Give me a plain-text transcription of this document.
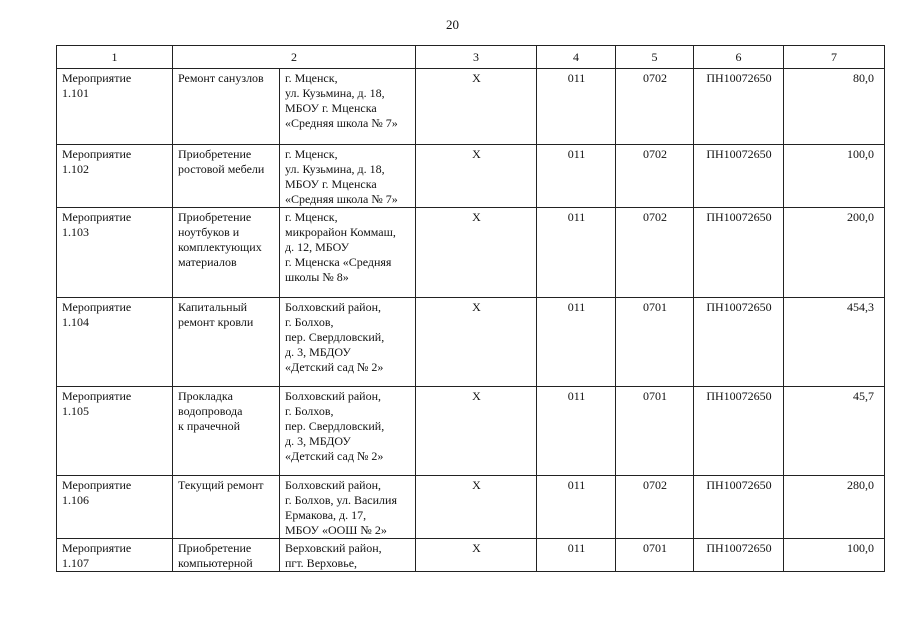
20
1	2		3	4	5	6	7
Мероприятие
1.101	Ремонт санузлов	г. Мценск,
ул. Кузьмина, д. 18,
МБОУ г. Мценска
«Средняя школа № 7»	X	011	0702	ПН10072650	80,0
Мероприятие
1.102	Приобретение
ростовой мебели	г. Мценск,
ул. Кузьмина, д. 18,
МБОУ г. Мценска
«Средняя школа № 7»	X	011	0702	ПН10072650	100,0
Мероприятие
1.103	Приобретение
ноутбуков и
комплектующих
материалов	г. Мценск,
микрорайон Коммаш,
д. 12, МБОУ
г. Мценска «Средняя
школы № 8»	X	011	0702	ПН10072650	200,0
Мероприятие
1.104	Капитальный
ремонт кровли	Болховский район,
г. Болхов,
пер. Свердловский,
д. 3, МБДОУ
«Детский сад № 2»	X	011	0701	ПН10072650	454,3
Мероприятие
1.105	Прокладка
водопровода
к прачечной	Болховский район,
г. Болхов,
пер. Свердловский,
д. 3, МБДОУ
«Детский сад № 2»	X	011	0701	ПН10072650	45,7
Мероприятие
1.106	Текущий ремонт	Болховский район,
г. Болхов, ул. Василия
Ермакова, д. 17,
МБОУ «ООШ № 2»	X	011	0702	ПН10072650	280,0
Мероприятие
1.107	Приобретение
компьютерной	Верховский район,
пгт. Верховье,	X	011	0701	ПН10072650	100,0
